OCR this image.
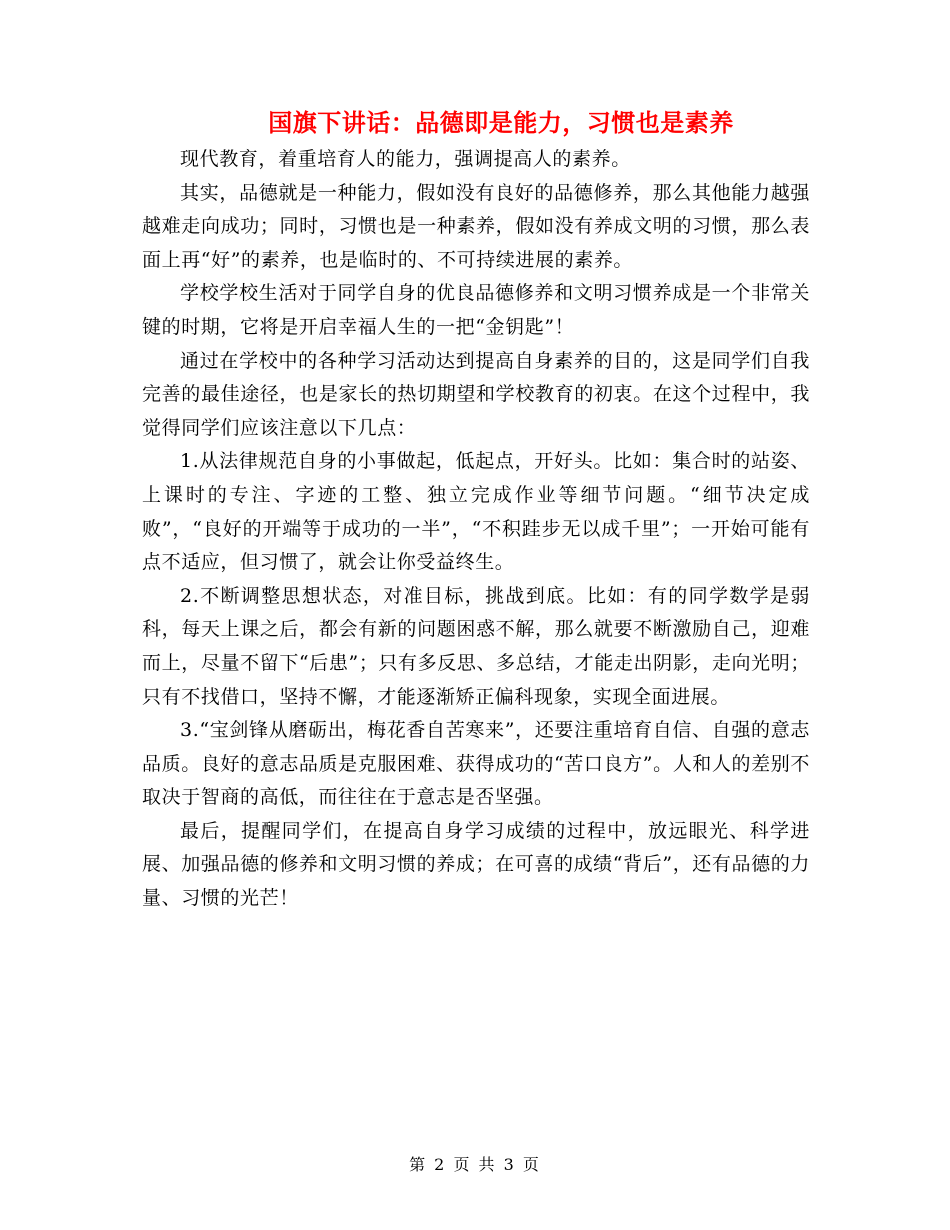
国旗下讲话：品德即是能力，习惯也是素养

现代教育，着重培育人的能力，强调提高人的素养。

其实，品德就是一种能力，假如没有良好的品德修养，那么其他能力越强越难走向成功；同时，习惯也是一种素养，假如没有养成文明的习惯，那么表面上再“好”的素养，也是临时的、不可持续进展的素养。

学校学校生活对于同学自身的优良品德修养和文明习惯养成是一个非常关键的时期，它将是开启幸福人生的一把“金钥匙”！

通过在学校中的各种学习活动达到提高自身素养的目的，这是同学们自我完善的最佳途径，也是家长的热切期望和学校教育的初衷。在这个过程中，我觉得同学们应该注意以下几点：

1.从法律规范自身的小事做起，低起点，开好头。比如：集合时的站姿、上课时的专注、字迹的工整、独立完成作业等细节问题。“细节决定成败”，“良好的开端等于成功的一半”，“不积跬步无以成千里”；一开始可能有点不适应，但习惯了，就会让你受益终生。

2.不断调整思想状态，对准目标，挑战到底。比如：有的同学数学是弱科，每天上课之后，都会有新的问题困惑不解，那么就要不断激励自己，迎难而上，尽量不留下“后患”；只有多反思、多总结，才能走出阴影，走向光明；只有不找借口，坚持不懈，才能逐渐矫正偏科现象，实现全面进展。

3.“宝剑锋从磨砺出，梅花香自苦寒来”，还要注重培育自信、自强的意志品质。良好的意志品质是克服困难、获得成功的“苦口良方”。人和人的差别不取决于智商的高低，而往往在于意志是否坚强。

最后，提醒同学们，在提高自身学习成绩的过程中，放远眼光、科学进展、加强品德的修养和文明习惯的养成；在可喜的成绩“背后”，还有品德的力量、习惯的光芒！

第 2 页 共 3 页
